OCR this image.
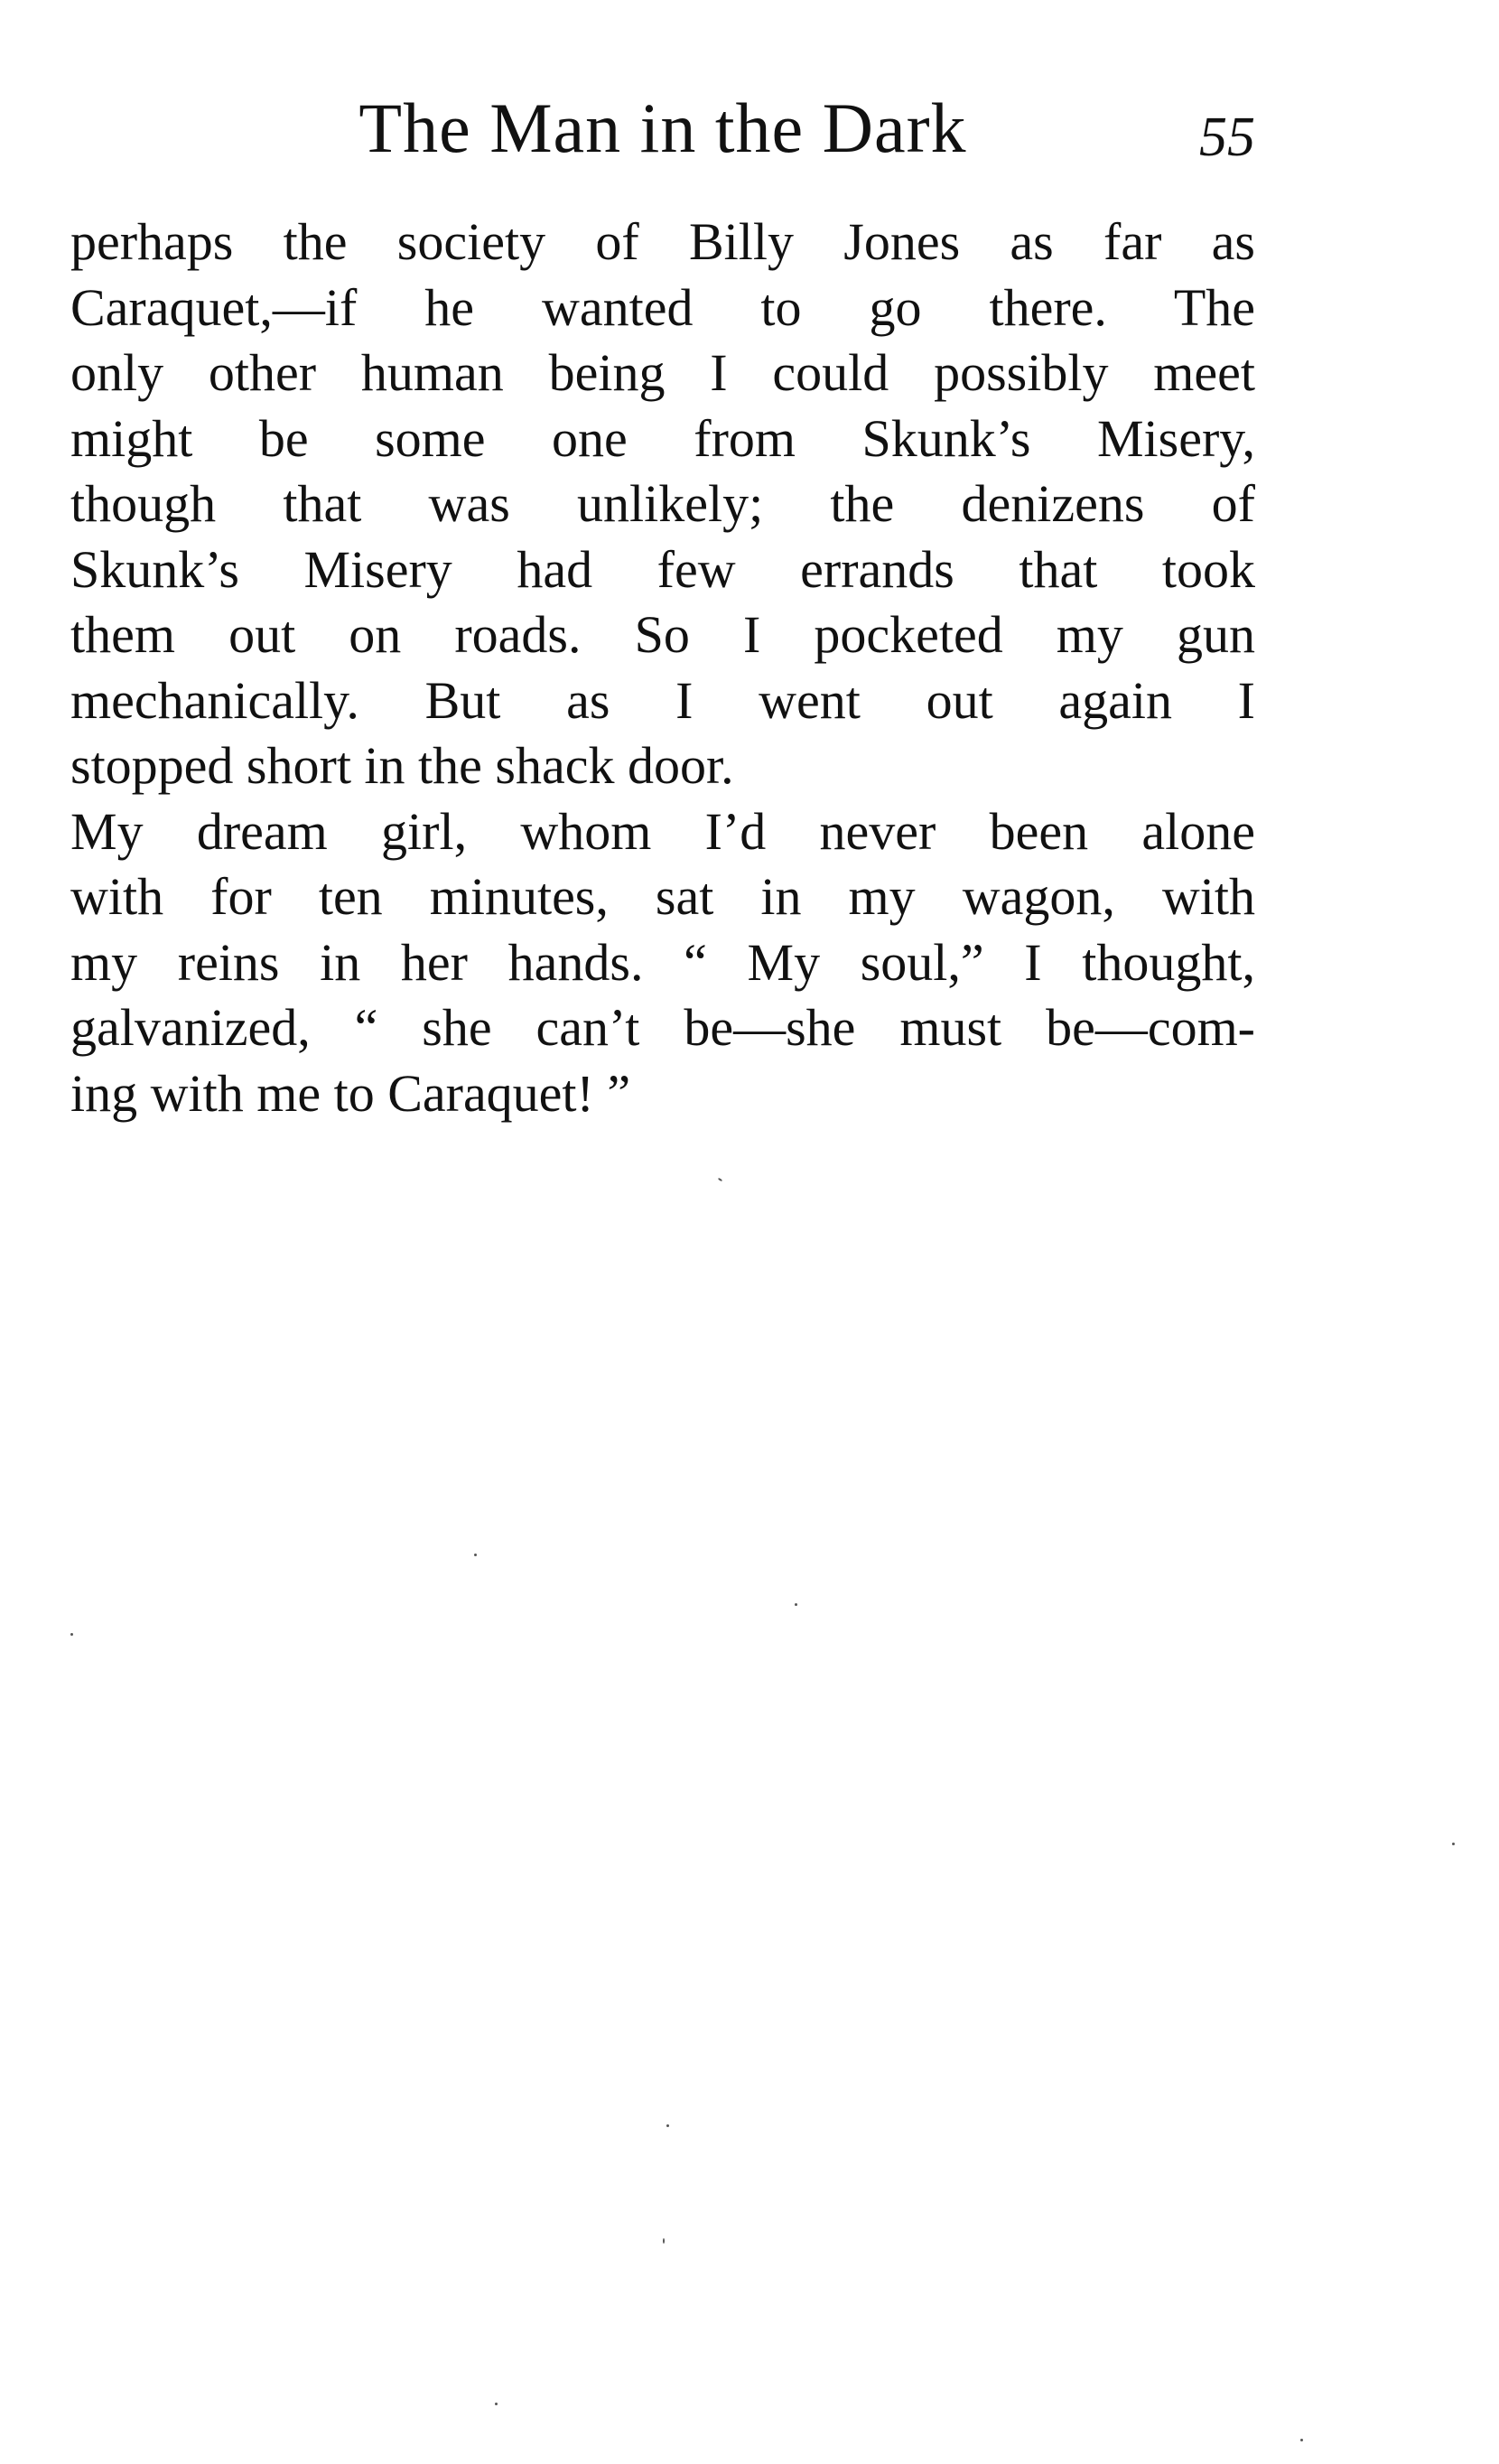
The Man in the Dark	55
perhaps the society of Billy Jones as far as
Caraquet,—if he wanted to go there. The
only other human being I could possibly meet
might be some one from Skunk’s Misery,
though that was unlikely; the denizens of
Skunk’s Misery had few errands that took
them out on roads. So I pocketed my gun
mechanically. But as I went out again I
stopped short in the shack door.
My dream girl, whom I’d never been alone
with for ten minutes, sat in my wagon, with
my reins in her hands. “ My soul,” I thought,
galvanized, “ she can’t be—she must be—com-
ing with me to Caraquet! ”
